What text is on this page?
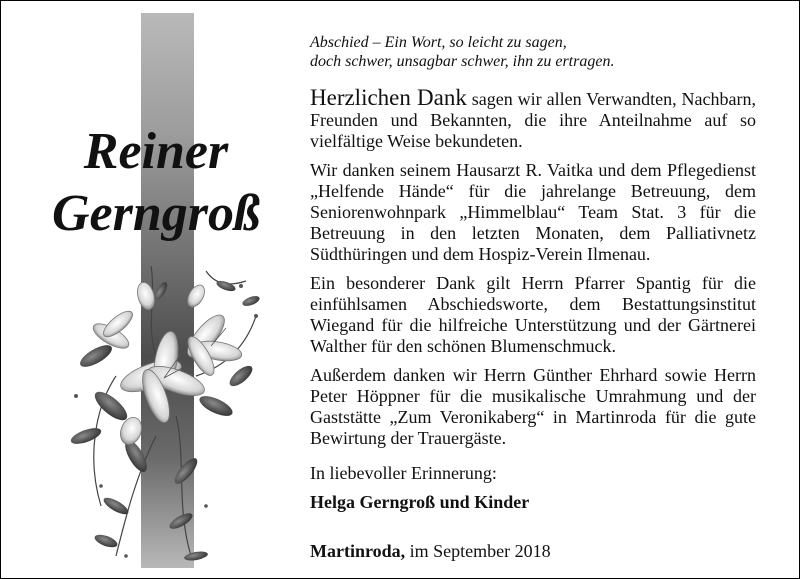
Reiner
Gerngroß
Abschied – Ein Wort, so leicht zu sagen,
doch schwer, unsagbar schwer, ihn zu ertragen.

Herzlichen Dank sagen wir allen Verwandten, Nachbarn, Freunden und Bekannten, die ihre Anteilnahme auf so vielfältige Weise bekundeten.

Wir danken seinem Hausarzt R. Vaitka und dem Pflegedienst „Helfende Hände“ für die jahrelange Betreuung, dem Seniorenwohnpark „Himmelblau“ Team Stat. 3 für die Betreuung in den letzten Monaten, dem Palliativnetz Südthüringen und dem Hospiz-Verein Ilmenau.

Ein besonderer Dank gilt Herrn Pfarrer Spantig für die einfühlsamen Abschiedsworte, dem Bestattungsinstitut Wiegand für die hilfreiche Unterstützung und der Gärtnerei Walther für den schönen Blumenschmuck.

Außerdem danken wir Herrn Günther Ehrhard sowie Herrn Peter Höppner für die musikalische Umrahmung und der Gaststätte „Zum Veronikaberg“ in Martinroda für die gute Bewirtung der Trauergäste.

In liebevoller Erinnerung:
Helga Gerngroß und Kinder

Martinroda, im September 2018
